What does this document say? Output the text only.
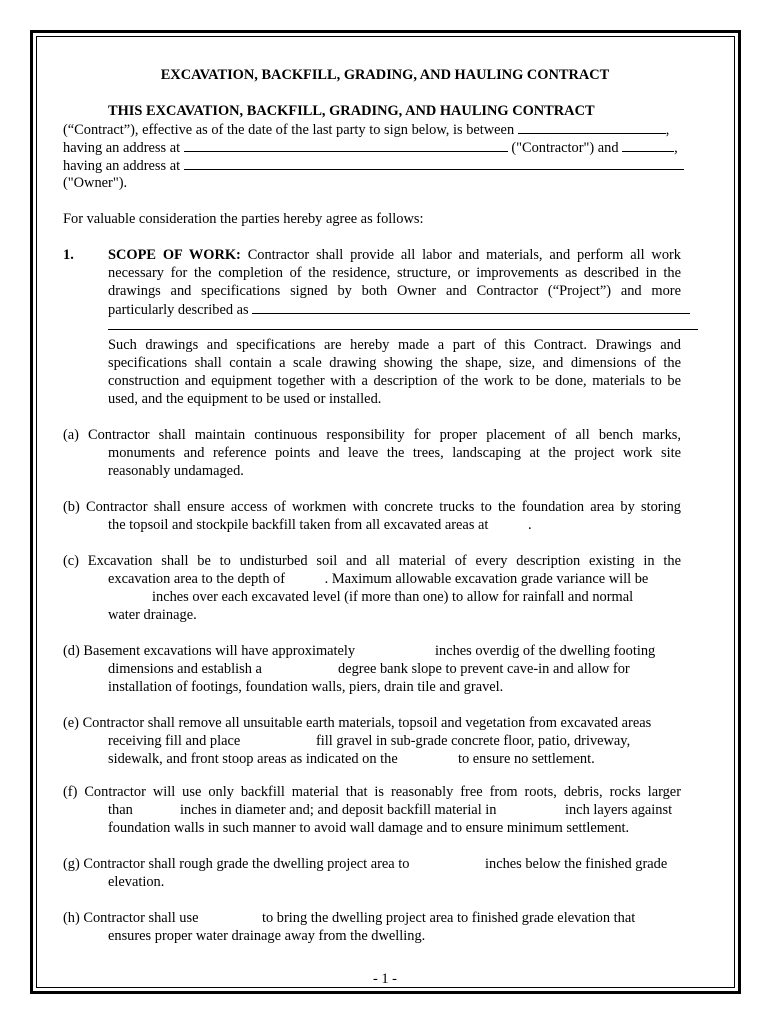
EXCAVATION, BACKFILL, GRADING, AND HAULING CONTRACT
THIS EXCAVATION, BACKFILL, GRADING, AND HAULING CONTRACT
(“Contract”), effective as of the date of the last party to sign below, is between	,
having an address at	("Contractor") and	,
having an address at
("Owner").
For valuable consideration the parties hereby agree as follows:
1. SCOPE OF WORK: Contractor shall provide all labor and materials, and perform all work
necessary for the completion of the residence, structure, or improvements as described in the
drawings and specifications signed by both Owner and Contractor (“Project”) and more
particularly described as
Such drawings and specifications are hereby made a part of this Contract. Drawings and
specifications shall contain a scale drawing showing the shape, size, and dimensions of the
construction and equipment together with a description of the work to be done, materials to be
used, and the equipment to be used or installed.
(a) Contractor shall maintain continuous responsibility for proper placement of all bench marks,
monuments and reference points and leave the trees, landscaping at the project work site
reasonably undamaged.
(b) Contractor shall ensure access of workmen with concrete trucks to the foundation area by storing
the topsoil and stockpile backfill taken from all excavated areas at	.
(c) Excavation shall be to undisturbed soil and all material of every description existing in the
excavation area to the depth of	. Maximum allowable excavation grade variance will be
inches over each excavated level (if more than one) to allow for rainfall and normal
water drainage.
(d) Basement excavations will have approximately	inches overdig of the dwelling footing
dimensions and establish a	degree bank slope to prevent cave-in and allow for
installation of footings, foundation walls, piers, drain tile and gravel.
(e) Contractor shall remove all unsuitable earth materials, topsoil and vegetation from excavated areas
receiving fill and place	fill gravel in sub-grade concrete floor, patio, driveway,
sidewalk, and front stoop areas as indicated on the	to ensure no settlement.
(f) Contractor will use only backfill material that is reasonably free from roots, debris, rocks larger
than	inches in diameter and; and deposit backfill material in	inch layers against
foundation walls in such manner to avoid wall damage and to ensure minimum settlement.
(g) Contractor shall rough grade the dwelling project area to	inches below the finished grade
elevation.
(h) Contractor shall use	to bring the dwelling project area to finished grade elevation that
ensures proper water drainage away from the dwelling.
- 1 -
